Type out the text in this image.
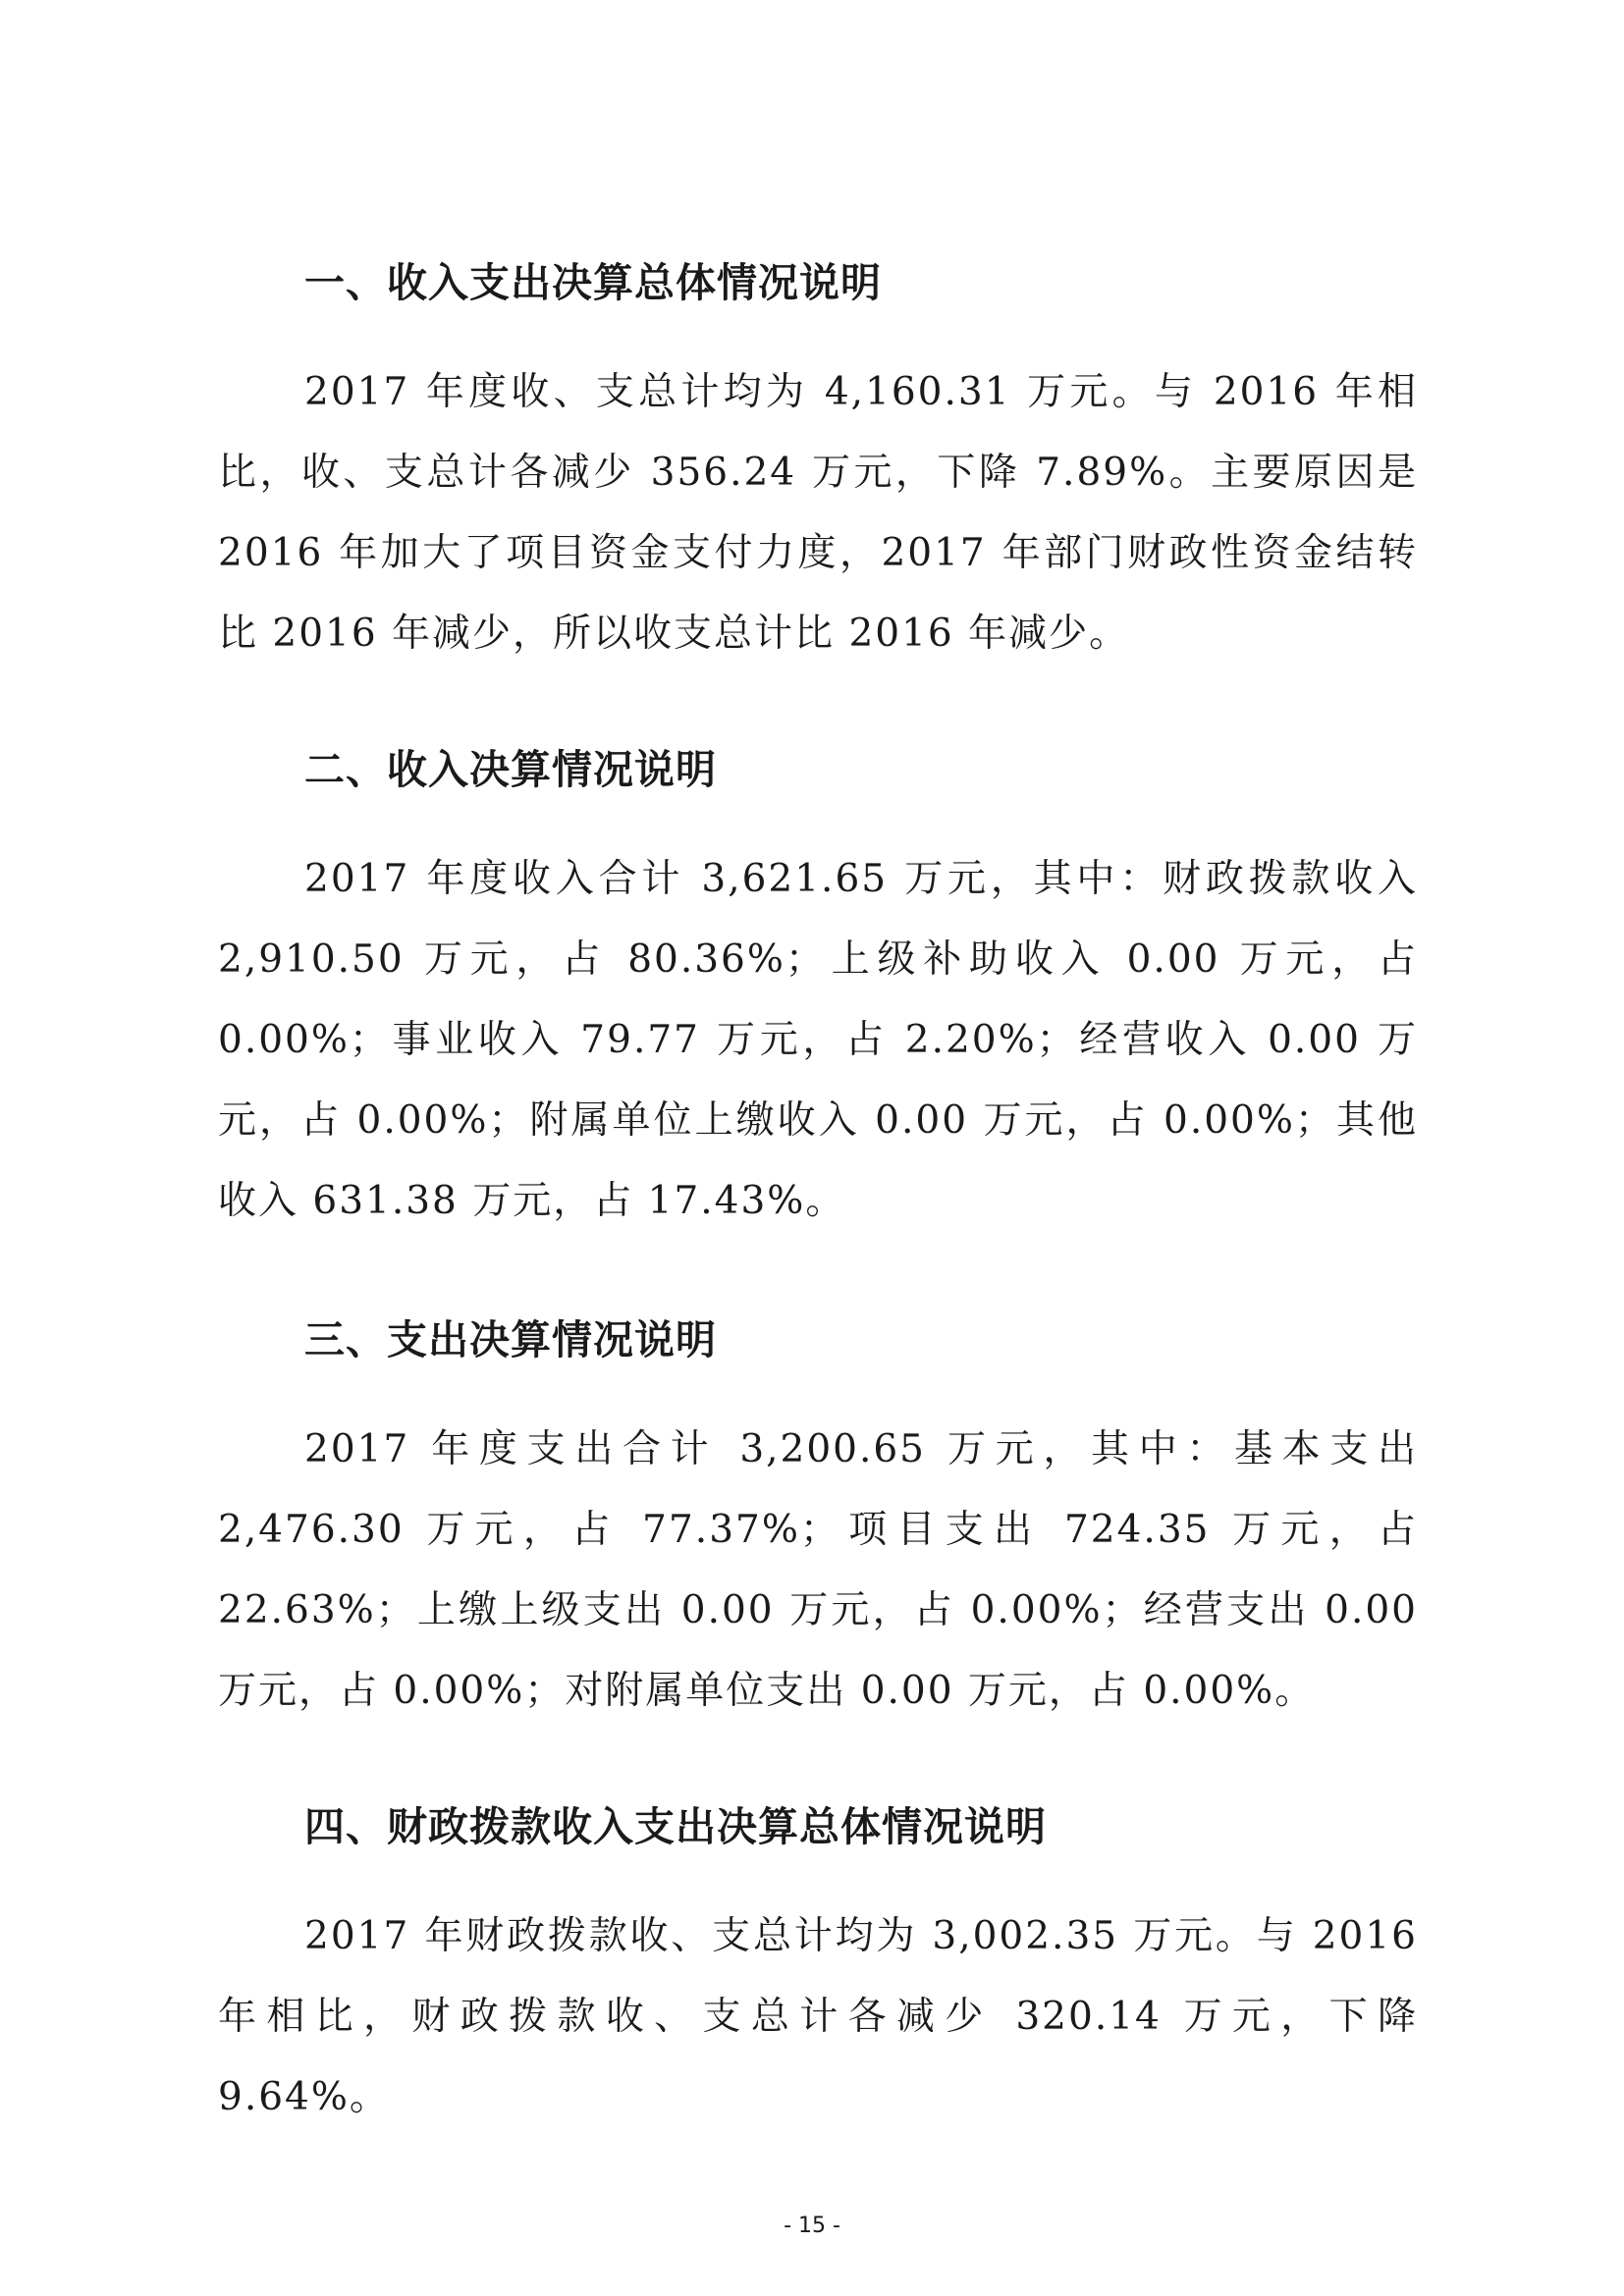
一、收入支出决算总体情况说明

2017 年度收、支总计均为 4,160.31 万元。与 2016 年相比，收、支总计各减少 356.24 万元，下降 7.89%。主要原因是 2016 年加大了项目资金支付力度，2017 年部门财政性资金结转比 2016 年减少，所以收支总计比 2016 年减少。

二、收入决算情况说明

2017 年度收入合计 3,621.65 万元，其中：财政拨款收入 2,910.50 万元，占 80.36%；上级补助收入 0.00 万元，占 0.00%；事业收入 79.77 万元，占 2.20%；经营收入 0.00 万元，占 0.00%；附属单位上缴收入 0.00 万元，占 0.00%；其他收入 631.38 万元，占 17.43%。

三、支出决算情况说明

2017 年度支出合计 3,200.65 万元，其中：基本支出 2,476.30 万元，占 77.37%；项目支出 724.35 万元，占 22.63%；上缴上级支出 0.00 万元，占 0.00%；经营支出 0.00 万元，占 0.00%；对附属单位支出 0.00 万元，占 0.00%。

四、财政拨款收入支出决算总体情况说明

2017 年财政拨款收、支总计均为 3,002.35 万元。与 2016 年相比，财政拨款收、支总计各减少 320.14 万元，下降 9.64%。

- 15 -
